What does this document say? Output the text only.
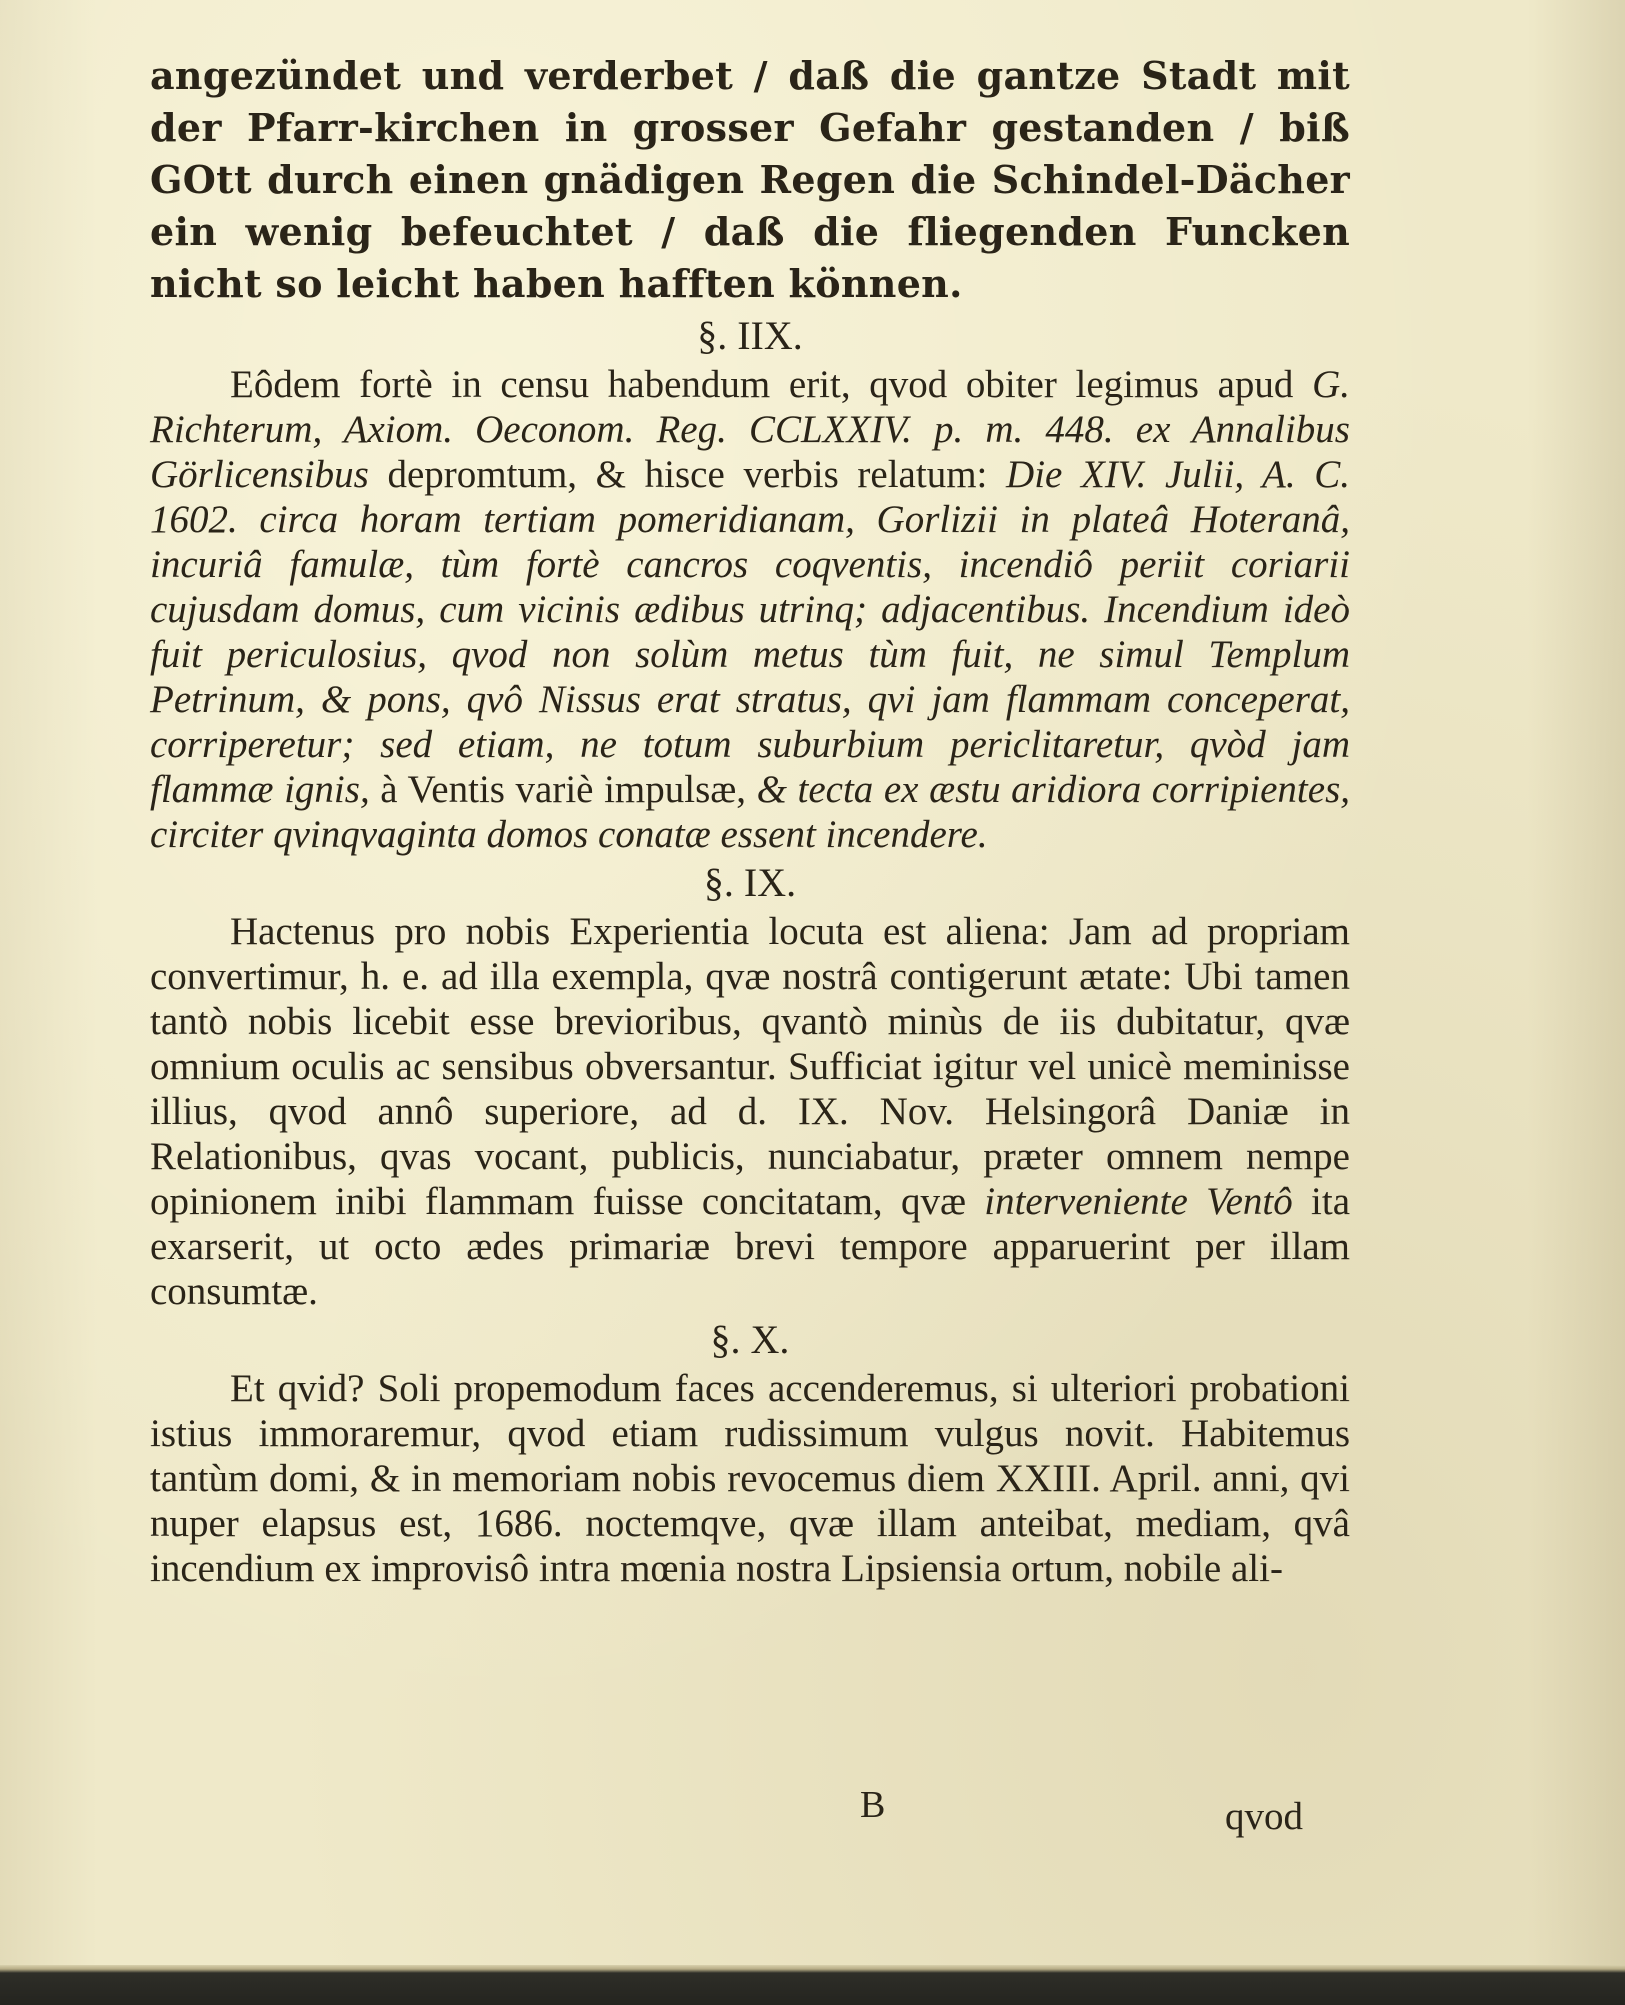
angezündet und verderbet / daß die gantze Stadt mit der Pfarr-kirchen in grosser Gefahr gestanden / biß GOtt durch einen gnädigen Regen die Schindel-Dächer ein wenig befeuchtet / daß die fliegenden Funcken nicht so leicht haben hafften können.

§. IIX.

Eôdem fortè in censu habendum erit, qvod obiter legimus apud G. Richterum, Axiom. Oeconom. Reg. CCLXXIV. p. m. 448. ex Annalibus Görlicensibus depromtum, & hisce verbis relatum: Die XIV. Julii, A. C. 1602. circa horam tertiam pomeridianam, Gorlizii in plateâ Hoteranâ, incuriâ famulæ, tùm fortè cancros coqventis, incendiô periit coriarii cujusdam domus, cum vicinis ædibus utrinq; adjacentibus. Incendium ideò fuit periculosius, qvod non solùm metus tùm fuit, ne simul Templum Petrinum, & pons, qvô Nissus erat stratus, qvi jam flammam conceperat, corriperetur; sed etiam, ne totum suburbium periclitaretur, qvòd jam flammæ ignis, à Ventis variè impulsæ, & tecta ex æstu aridiora corripientes, circiter qvinqvaginta domos conatæ essent incendere.

§. IX.

Hactenus pro nobis Experientia locuta est aliena: Jam ad propriam convertimur, h. e. ad illa exempla, qvæ nostrâ contigerunt ætate: Ubi tamen tantò nobis licebit esse brevioribus, qvantò minùs de iis dubitatur, qvæ omnium oculis ac sensibus obversantur. Sufficiat igitur vel unicè meminisse illius, qvod annô superiore, ad d. IX. Nov. Helsingorâ Daniæ in Relationibus, qvas vocant, publicis, nunciabatur, præter omnem nempe opinionem inibi flammam fuisse concitatam, qvæ interveniente Ventô ita exarserit, ut octo ædes primariæ brevi tempore apparuerint per illam consumtæ.

§. X.

Et qvid? Soli propemodum faces accenderemus, si ulteriori probationi istius immoraremur, qvod etiam rudissimum vulgus novit. Habitemus tantùm domi, & in memoriam nobis revocemus diem XXIII. April. anni, qvi nuper elapsus est, 1686. noctemqve, qvæ illam anteibat, mediam, qvâ incendium ex improvisô intra mœnia nostra Lipsiensia ortum, nobile ali-

B	qvod
